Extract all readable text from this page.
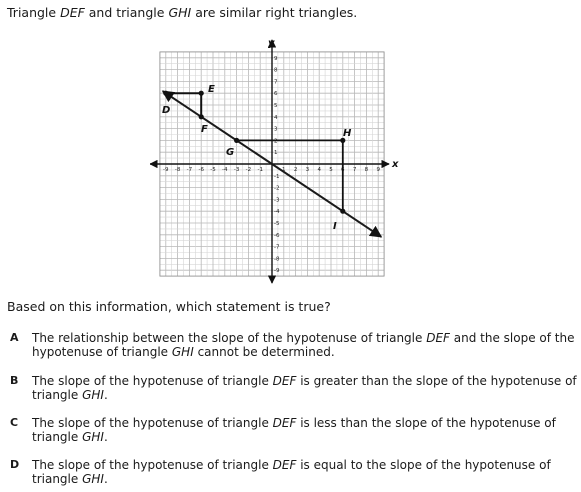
Triangle DEF and triangle GHI are similar right triangles.
x
y
-9 -8 -7 -6 -5 -4 -3 -2 -1	1 2 3 4 5 6 7 8 9
1
2
3
4
5
6
7
8
9
-1
-2
-3
-4
-5
-6
-7
-8
-9
D
E
F
G
H
I
Based on this information, which statement is true?
A The relationship between the slope of the hypotenuse of triangle DEF and the slope of the
hypotenuse of triangle GHI cannot be determined.
B The slope of the hypotenuse of triangle DEF is greater than the slope of the hypotenuse of
triangle GHI.
C The slope of the hypotenuse of triangle DEF is less than the slope of the hypotenuse of
triangle GHI.
D The slope of the hypotenuse of triangle DEF is equal to the slope of the hypotenuse of
triangle GHI.
